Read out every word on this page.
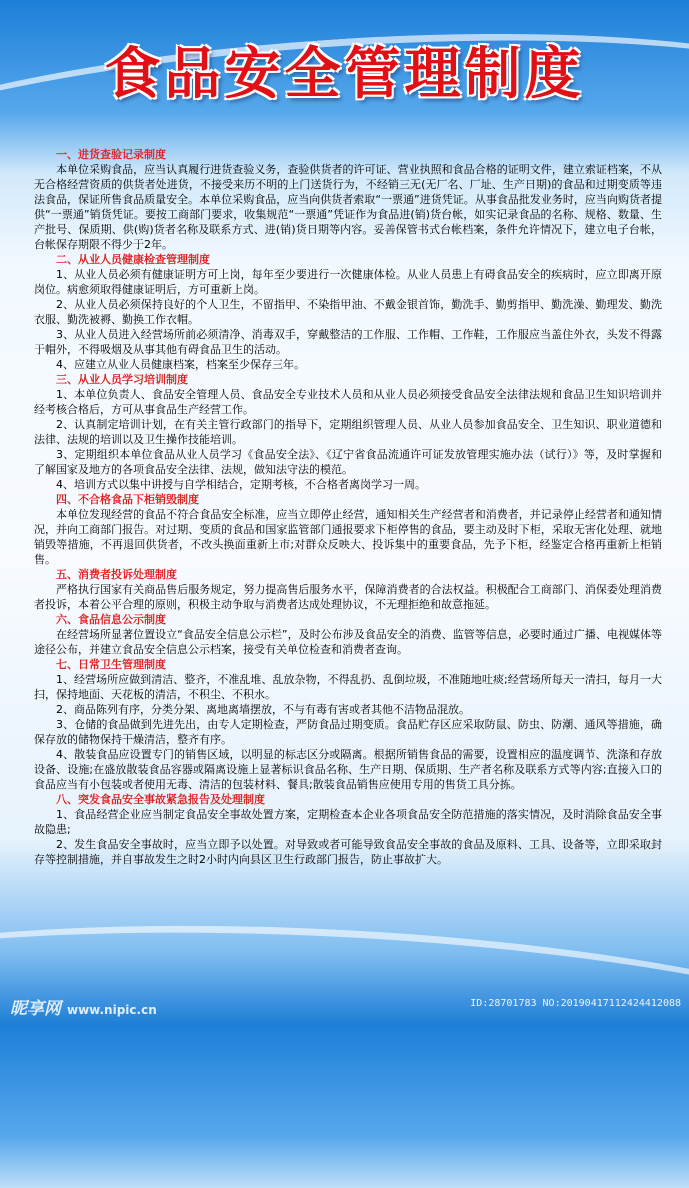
食品安全管理制度
一、进货查验记录制度
本单位采购食品，应当认真履行进货查验义务，查验供货者的许可证、营业执照和食品合格的证明文件，建立索证档案，不从无合格经营资质的供货者处进货，不接受来历不明的上门送货行为，不经销三无(无厂名、厂址、生产日期)的食品和过期变质等违法食品，保证所售食品质量安全。本单位采购食品，应当向供货者索取“一票通”进货凭证。从事食品批发业务时，应当向购货者提供“一票通”销货凭证。要按工商部门要求，收集规范“一票通”凭证作为食品进(销)货台帐，如实记录食品的名称、规格、数量、生产批号、保质期、供(购)货者名称及联系方式、进(销)货日期等内容。妥善保管书式台帐档案，条件允许情况下，建立电子台帐，台帐保存期限不得少于2年。
二、从业人员健康检查管理制度
1、从业人员必须有健康证明方可上岗，每年至少要进行一次健康体检。从业人员患上有碍食品安全的疾病时，应立即离开原岗位。病愈须取得健康证明后，方可重新上岗。
2、从业人员必须保持良好的个人卫生，不留指甲、不染指甲油、不戴金银首饰，勤洗手、勤剪指甲、勤洗澡、勤理发、勤洗衣服、勤洗被褥、勤换工作衣帽。
3、从业人员进入经营场所前必须清净、消毒双手，穿戴整洁的工作服、工作帽、工作鞋，工作服应当盖住外衣，头发不得露于帽外，不得吸烟及从事其他有碍食品卫生的活动。
4、应建立从业人员健康档案，档案至少保存三年。
三、从业人员学习培训制度
1、本单位负责人、食品安全管理人员、食品安全专业技术人员和从业人员必须接受食品安全法律法规和食品卫生知识培训并经考核合格后，方可从事食品生产经营工作。
2、认真制定培训计划，在有关主管行政部门的指导下，定期组织管理人员、从业人员参加食品安全、卫生知识、职业道德和法律、法规的培训以及卫生操作技能培训。
3、定期组织本单位食品从业人员学习《食品安全法》、《辽宁省食品流通许可证发放管理实施办法（试行）》等，及时掌握和了解国家及地方的各项食品安全法律、法规，做知法守法的模范。
4、培训方式以集中讲授与自学相结合，定期考核，不合格者离岗学习一周。
四、不合格食品下柜销毁制度
本单位发现经营的食品不符合食品安全标准，应当立即停止经营，通知相关生产经营者和消费者，并记录停止经营者和通知情况，并向工商部门报告。对过期、变质的食品和国家监管部门通报要求下柜停售的食品，要主动及时下柜，采取无害化处理、就地销毁等措施，不再退回供货者，不改头换面重新上市;对群众反映大、投诉集中的重要食品，先予下柜，经鉴定合格再重新上柜销售。
五、消费者投诉处理制度
严格执行国家有关商品售后服务规定，努力提高售后服务水平，保障消费者的合法权益。积极配合工商部门、消保委处理消费者投诉，本着公平合理的原则，积极主动争取与消费者达成处理协议，不无理拒绝和故意拖延。
六、食品信息公示制度
在经营场所显著位置设立“食品安全信息公示栏”，及时公布涉及食品安全的消费、监管等信息，必要时通过广播、电视媒体等途径公布，并建立食品安全信息公示档案，接受有关单位检查和消费者查询。
七、日常卫生管理制度
1、经营场所应做到清洁、整齐，不准乱堆、乱放杂物，不得乱扔、乱倒垃圾，不准随地吐痰;经营场所每天一清扫，每月一大扫，保持地面、天花板的清洁，不积尘、不积水。
2、商品陈列有序，分类分架、离地离墙摆放，不与有毒有害或者其他不洁物品混放。
3、仓储的食品做到先进先出，由专人定期检查，严防食品过期变质。食品贮存区应采取防鼠、防虫、防潮、通风等措施，确保存放的储物保持干燥清洁，整齐有序。
4、散装食品应设置专门的销售区域，以明显的标志区分或隔离。根据所销售食品的需要，设置相应的温度调节、洗涤和存放设备、设施;在盛放散装食品容器或隔离设施上显著标识食品名称、生产日期、保质期、生产者名称及联系方式等内容;直接入口的食品应当有小包装或者使用无毒、清洁的包装材料、餐具;散装食品销售应使用专用的售货工具分拣。
八、突发食品安全事故紧急报告及处理制度
1、食品经营企业应当制定食品安全事故处置方案，定期检查本企业各项食品安全防范措施的落实情况，及时消除食品安全事故隐患;
2、发生食品安全事故时，应当立即予以处置。对导致或者可能导致食品安全事故的食品及原料、工具、设备等，立即采取封存等控制措施，并自事故发生之时2小时内向县区卫生行政部门报告，防止事故扩大。
昵享网 www.nipic.cn	ID:28701783 NO:20190417112424412088
